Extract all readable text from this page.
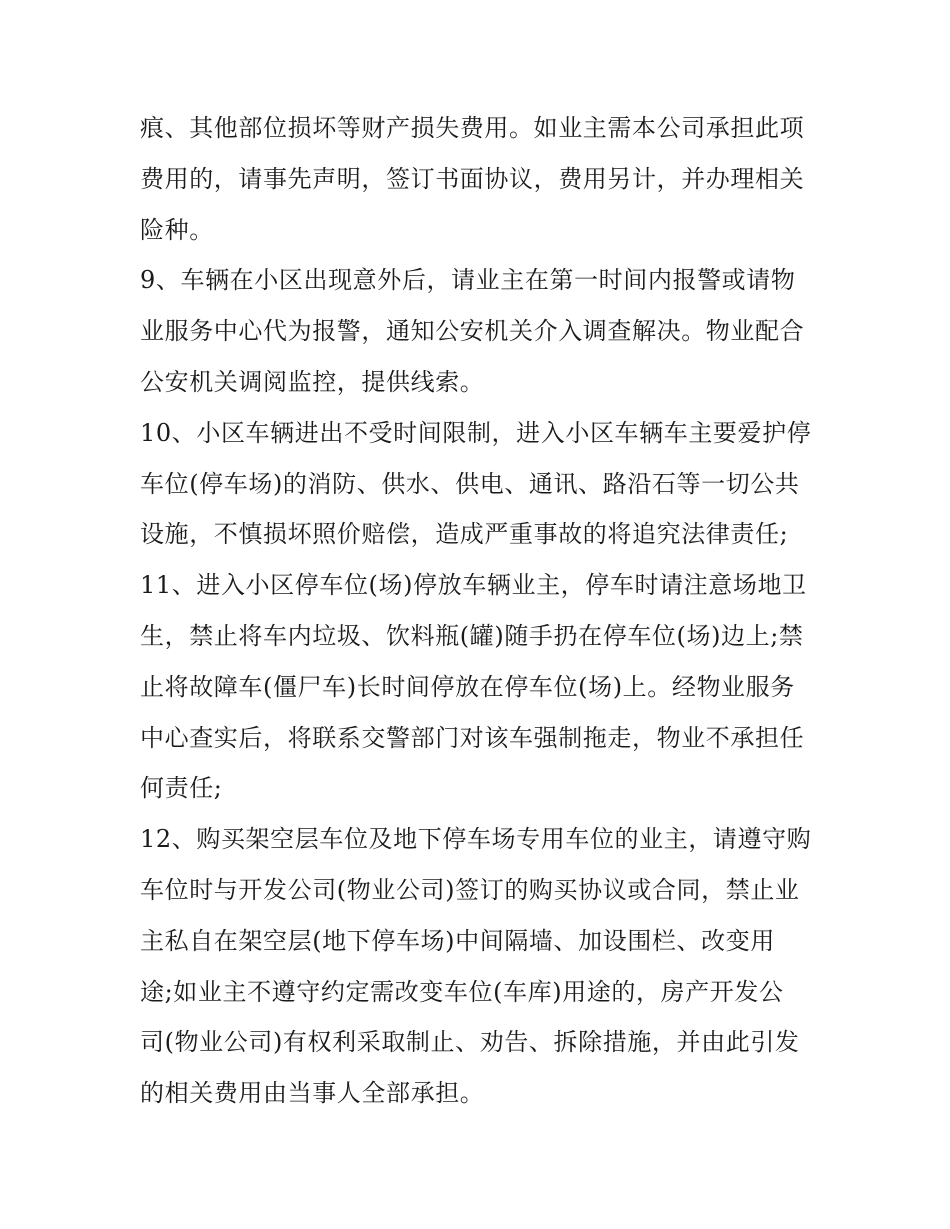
痕、其他部位损坏等财产损失费用。如业主需本公司承担此项
费用的，请事先声明，签订书面协议，费用另计，并办理相关
险种。
9、车辆在小区出现意外后，请业主在第一时间内报警或请物
业服务中心代为报警，通知公安机关介入调查解决。物业配合
公安机关调阅监控，提供线索。
10、小区车辆进出不受时间限制，进入小区车辆车主要爱护停
车位(停车场)的消防、供水、供电、通讯、路沿石等一切公共
设施，不慎损坏照价赔偿，造成严重事故的将追究法律责任;
11、进入小区停车位(场)停放车辆业主，停车时请注意场地卫
生，禁止将车内垃圾、饮料瓶(罐)随手扔在停车位(场)边上;禁
止将故障车(僵尸车)长时间停放在停车位(场)上。经物业服务
中心查实后，将联系交警部门对该车强制拖走，物业不承担任
何责任;
12、购买架空层车位及地下停车场专用车位的业主，请遵守购
车位时与开发公司(物业公司)签订的购买协议或合同，禁止业
主私自在架空层(地下停车场)中间隔墙、加设围栏、改变用
途;如业主不遵守约定需改变车位(车库)用途的，房产开发公
司(物业公司)有权利采取制止、劝告、拆除措施，并由此引发
的相关费用由当事人全部承担。
